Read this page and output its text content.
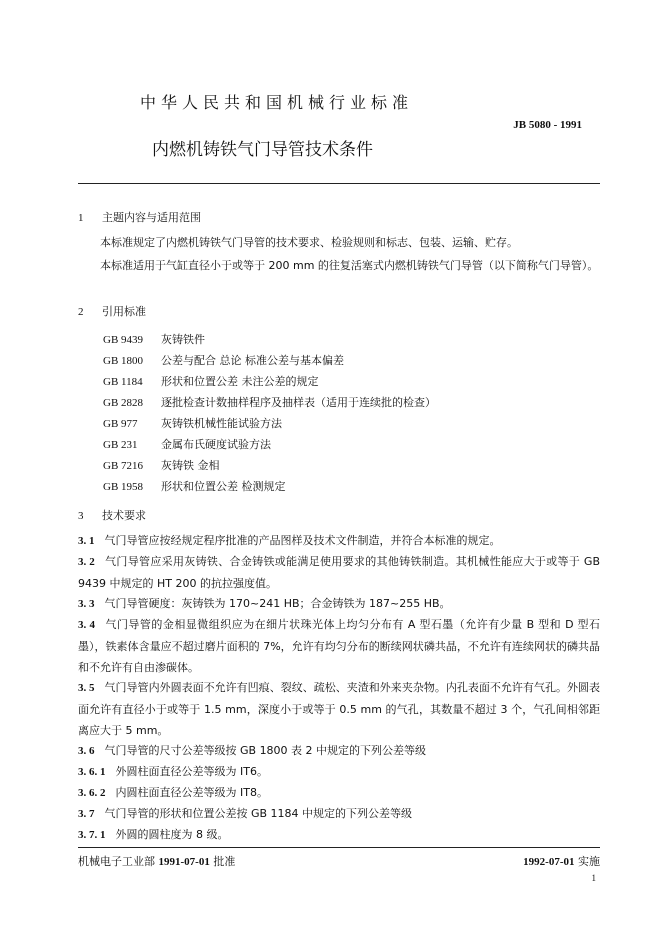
中华人民共和国机械行业标准
JB 5080 - 1991
内燃机铸铁气门导管技术条件
1 主题内容与适用范围
本标准规定了内燃机铸铁气门导管的技术要求、检验规则和标志、包装、运输、贮存。
本标准适用于气缸直径小于或等于 200 mm 的往复活塞式内燃机铸铁气门导管（以下简称气门导管）。
2 引用标准
GB 9439 灰铸铁件
GB 1800 公差与配合 总论 标准公差与基本偏差
GB 1184 形状和位置公差 未注公差的规定
GB 2828 逐批检查计数抽样程序及抽样表（适用于连续批的检查）
GB 977 灰铸铁机械性能试验方法
GB 231 金属布氏硬度试验方法
GB 7216 灰铸铁 金相
GB 1958 形状和位置公差 检测规定
3 技术要求
3. 1 气门导管应按经规定程序批准的产品图样及技术文件制造，并符合本标准的规定。
3. 2 气门导管应采用灰铸铁、合金铸铁或能满足使用要求的其他铸铁制造。其机械性能应大于或等于 GB 9439 中规定的 HT 200 的抗拉强度值。
3. 3 气门导管硬度：灰铸铁为 170~241 HB；合金铸铁为 187~255 HB。
3. 4 气门导管的金相显微组织应为在细片状珠光体上均匀分布有 A 型石墨（允许有少量 B 型和 D 型石墨），铁素体含量应不超过磨片面积的 7%，允许有均匀分布的断续网状磷共晶，不允许有连续网状的磷共晶和不允许有自由渗碳体。
3. 5 气门导管内外圆表面不允许有凹痕、裂纹、疏松、夹渣和外来夹杂物。内孔表面不允许有气孔。外圆表面允许有直径小于或等于 1.5 mm，深度小于或等于 0.5 mm 的气孔，其数量不超过 3 个，气孔间相邻距离应大于 5 mm。
3. 6 气门导管的尺寸公差等级按 GB 1800 表 2 中规定的下列公差等级
3. 6. 1 外圆柱面直径公差等级为 IT6。
3. 6. 2 内圆柱面直径公差等级为 IT8。
3. 7 气门导管的形状和位置公差按 GB 1184 中规定的下列公差等级
3. 7. 1 外圆的圆柱度为 8 级。
机械电子工业部 1991-07-01 批准	1992-07-01 实施
1
